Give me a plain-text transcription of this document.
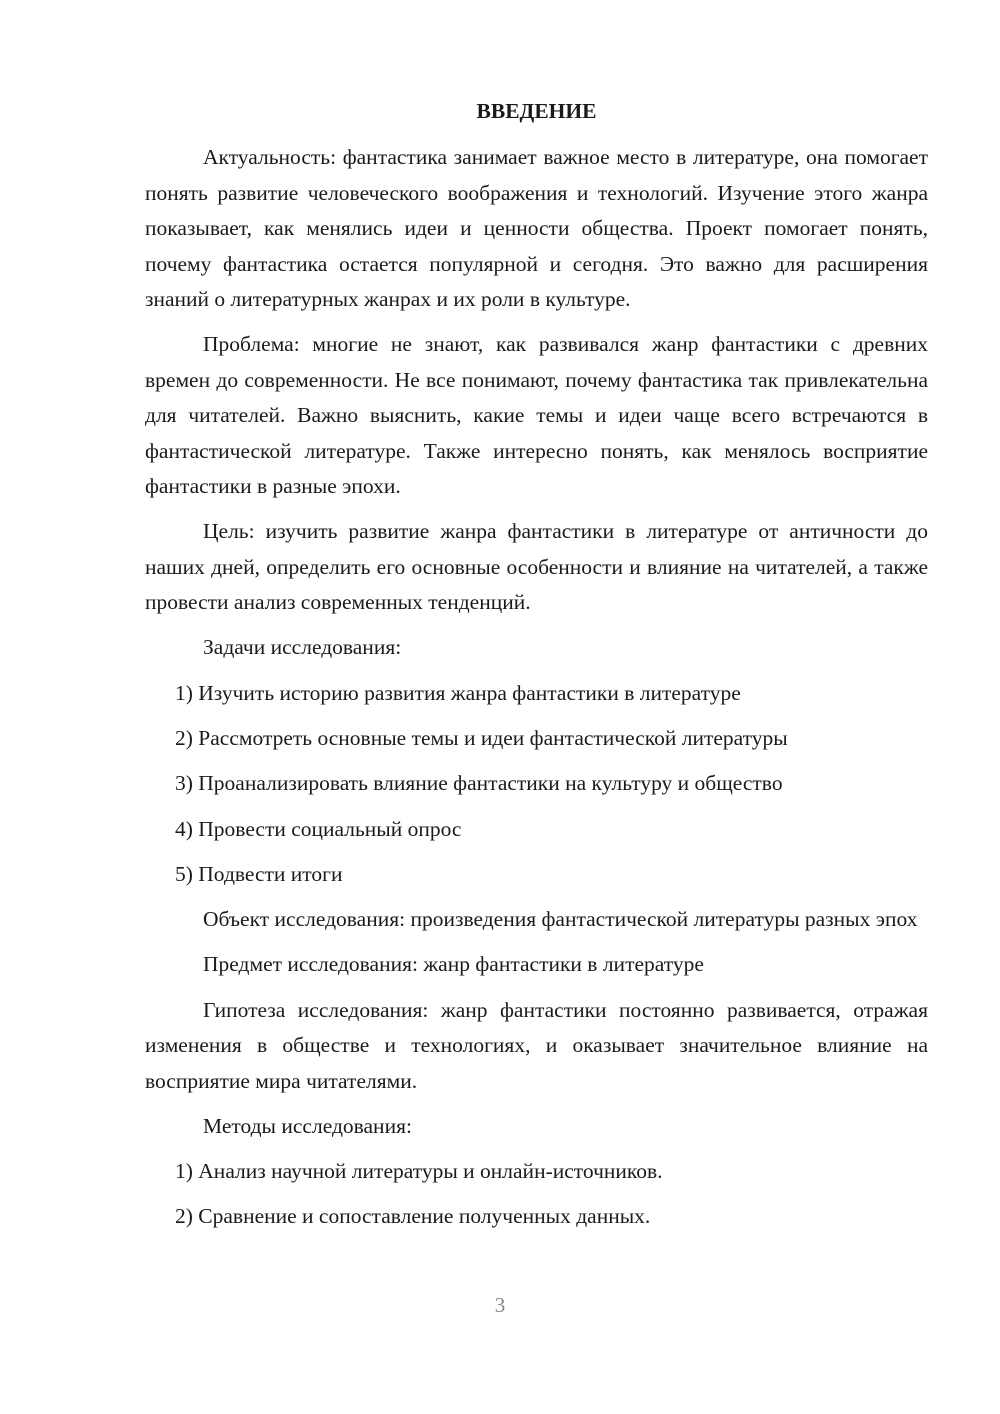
ВВЕДЕНИЕ

Актуальность: фантастика занимает важное место в литературе, она помогает понять развитие человеческого воображения и технологий. Изучение этого жанра показывает, как менялись идеи и ценности общества. Проект помогает понять, почему фантастика остается популярной и сегодня. Это важно для расширения знаний о литературных жанрах и их роли в культуре.

Проблема: многие не знают, как развивался жанр фантастики с древних времен до современности. Не все понимают, почему фантастика так привлекательна для читателей. Важно выяснить, какие темы и идеи чаще всего встречаются в фантастической литературе. Также интересно понять, как менялось восприятие фантастики в разные эпохи.

Цель: изучить развитие жанра фантастики в литературе от античности до наших дней, определить его основные особенности и влияние на читателей, а также провести анализ современных тенденций.

Задачи исследования:

1) Изучить историю развития жанра фантастики в литературе

2) Рассмотреть основные темы и идеи фантастической литературы

3) Проанализировать влияние фантастики на культуру и общество

4) Провести социальный опрос

5) Подвести итоги

Объект исследования: произведения фантастической литературы разных эпох

Предмет исследования: жанр фантастики в литературе

Гипотеза исследования: жанр фантастики постоянно развивается, отражая изменения в обществе и технологиях, и оказывает значительное влияние на восприятие мира читателями.

Методы исследования:

1) Анализ научной литературы и онлайн-источников.

2) Сравнение и сопоставление полученных данных.

3
